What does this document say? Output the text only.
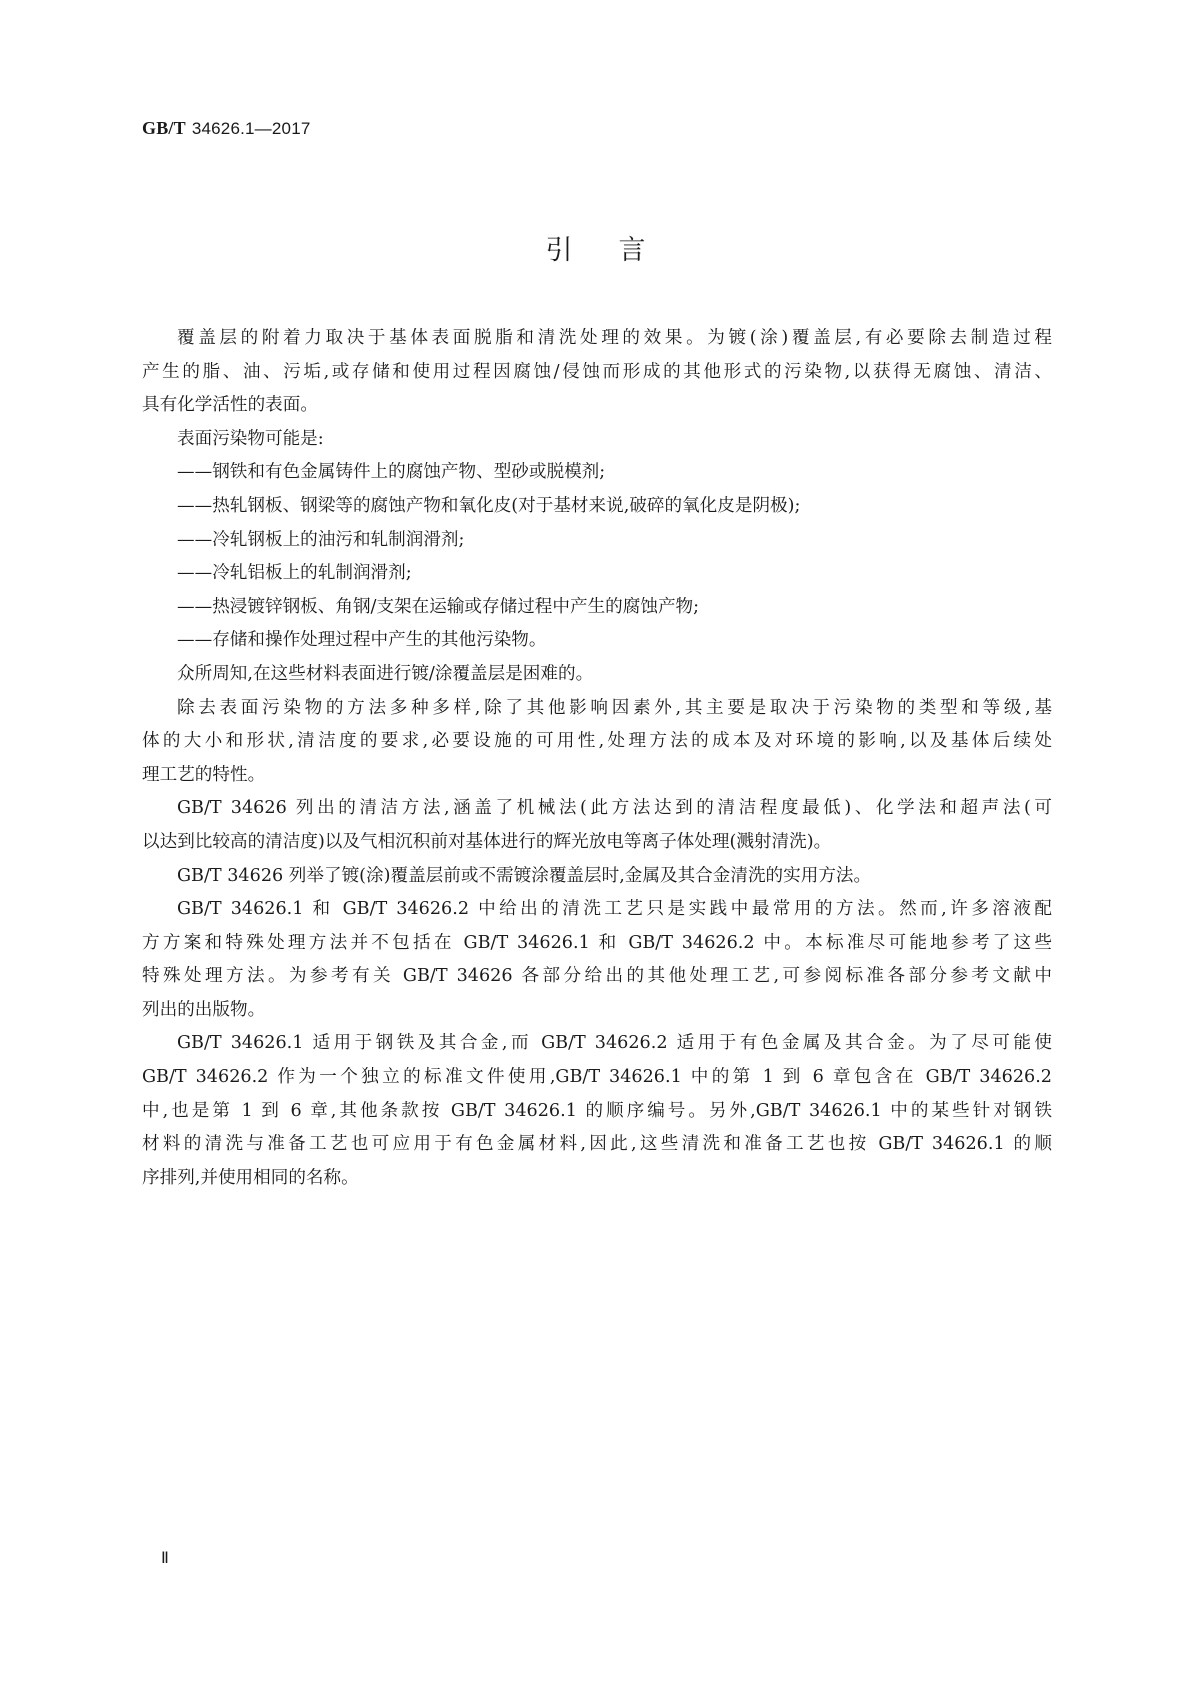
GB/T 34626.1—2017
引言
覆盖层的附着力取决于基体表面脱脂和清洗处理的效果。为镀(涂)覆盖层,有必要除去制造过程
产生的脂、油、污垢,或存储和使用过程因腐蚀/侵蚀而形成的其他形式的污染物,以获得无腐蚀、清洁、
具有化学活性的表面。
表面污染物可能是:
——钢铁和有色金属铸件上的腐蚀产物、型砂或脱模剂;
——热轧钢板、钢梁等的腐蚀产物和氧化皮(对于基材来说,破碎的氧化皮是阴极);
——冷轧钢板上的油污和轧制润滑剂;
——冷轧铝板上的轧制润滑剂;
——热浸镀锌钢板、角钢/支架在运输或存储过程中产生的腐蚀产物;
——存储和操作处理过程中产生的其他污染物。
众所周知,在这些材料表面进行镀/涂覆盖层是困难的。
除去表面污染物的方法多种多样,除了其他影响因素外,其主要是取决于污染物的类型和等级,基
体的大小和形状,清洁度的要求,必要设施的可用性,处理方法的成本及对环境的影响,以及基体后续处
理工艺的特性。
GB/T 34626 列出的清洁方法,涵盖了机械法(此方法达到的清洁程度最低)、化学法和超声法(可
以达到比较高的清洁度)以及气相沉积前对基体进行的辉光放电等离子体处理(溅射清洗)。
GB/T 34626 列举了镀(涂)覆盖层前或不需镀涂覆盖层时,金属及其合金清洗的实用方法。
GB/T 34626.1 和 GB/T 34626.2 中给出的清洗工艺只是实践中最常用的方法。然而,许多溶液配
方方案和特殊处理方法并不包括在 GB/T 34626.1 和 GB/T 34626.2 中。本标准尽可能地参考了这些
特殊处理方法。为参考有关 GB/T 34626 各部分给出的其他处理工艺,可参阅标准各部分参考文献中
列出的出版物。
GB/T 34626.1 适用于钢铁及其合金,而 GB/T 34626.2 适用于有色金属及其合金。为了尽可能使
GB/T 34626.2 作为一个独立的标准文件使用,GB/T 34626.1 中的第 1 到 6 章包含在 GB/T 34626.2
中,也是第 1 到 6 章,其他条款按 GB/T 34626.1 的顺序编号。另外,GB/T 34626.1 中的某些针对钢铁
材料的清洗与准备工艺也可应用于有色金属材料,因此,这些清洗和准备工艺也按 GB/T 34626.1 的顺
序排列,并使用相同的名称。
Ⅱ
